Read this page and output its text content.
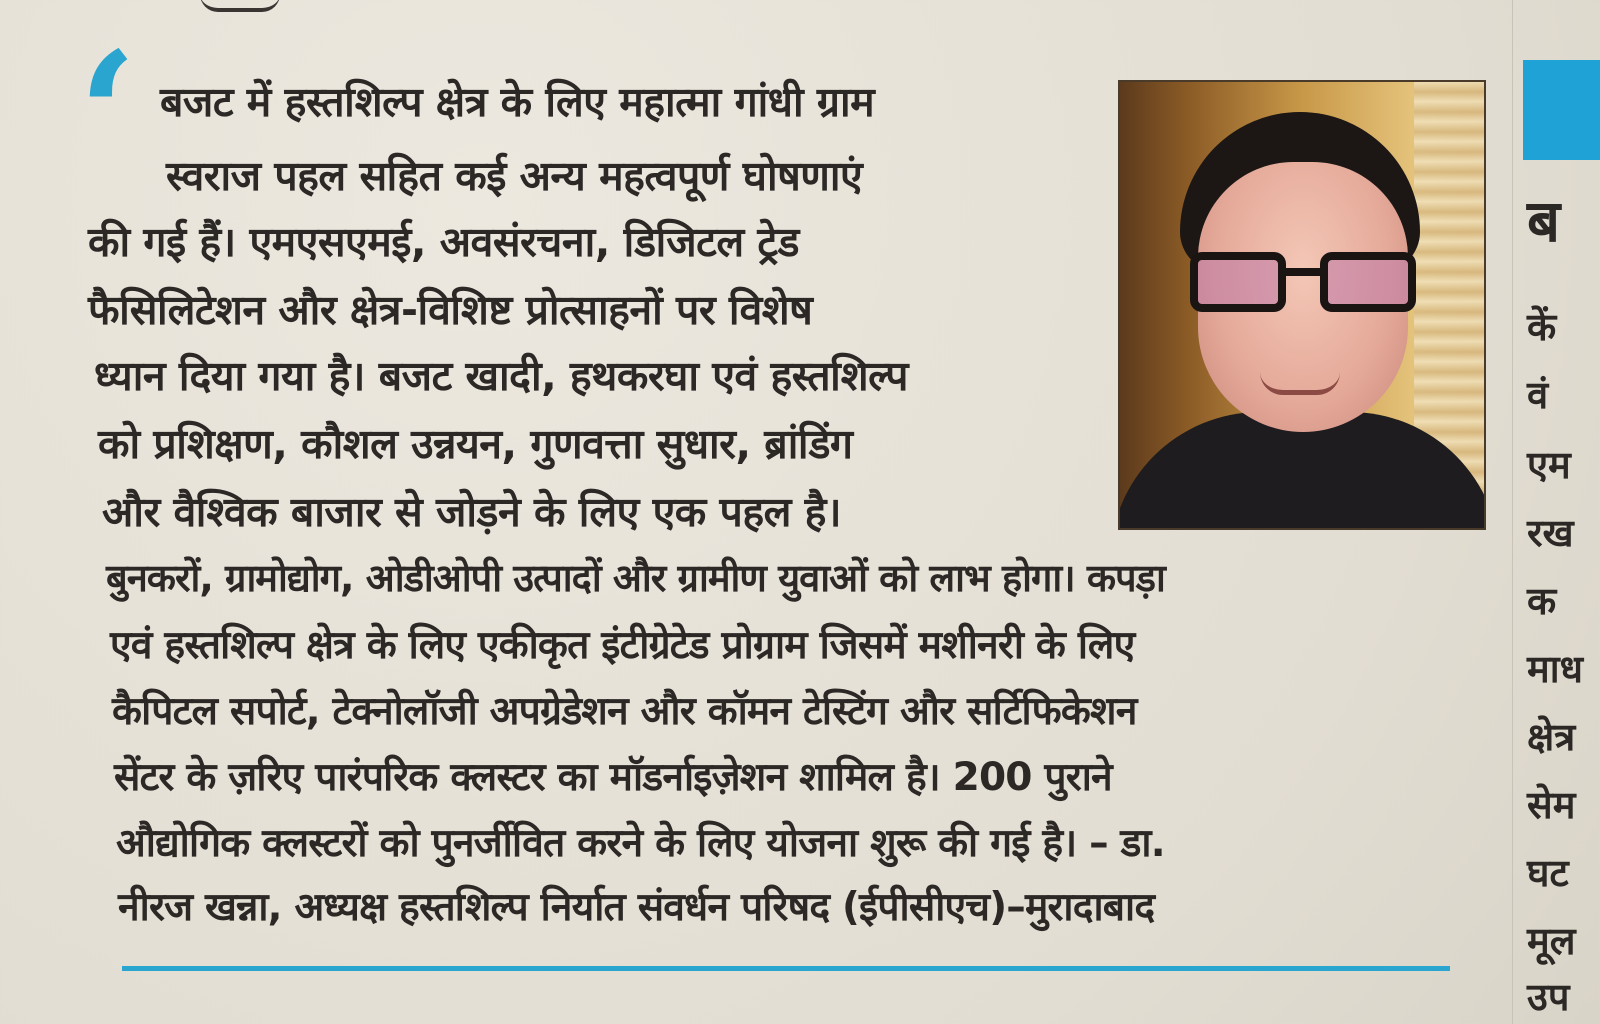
‘ बजट में हस्तशिल्प क्षेत्र के लिए महात्मा गांधी ग्राम
स्वराज पहल सहित कई अन्य महत्वपूर्ण घोषणाएं
की गई हैं। एमएसएमई, अवसंरचना, डिजिटल ट्रेड
फैसिलिटेशन और क्षेत्र-विशिष्ट प्रोत्साहनों पर विशेष
ध्यान दिया गया है। बजट खादी, हथकरघा एवं हस्तशिल्प
को प्रशिक्षण, कौशल उन्नयन, गुणवत्ता सुधार, ब्रांडिंग
और वैश्विक बाजार से जोड़ने के लिए एक पहल है।
बुनकरों, ग्रामोद्योग, ओडीओपी उत्पादों और ग्रामीण युवाओं को लाभ होगा। कपड़ा
एवं हस्तशिल्प क्षेत्र के लिए एकीकृत इंटीग्रेटेड प्रोग्राम जिसमें मशीनरी के लिए
कैपिटल सपोर्ट, टेक्नोलॉजी अपग्रेडेशन और कॉमन टेस्टिंग और सर्टिफिकेशन
सेंटर के ज़रिए पारंपरिक क्लस्टर का मॉडर्नाइज़ेशन शामिल है। 200 पुराने
औद्योगिक क्लस्टरों को पुनर्जीवित करने के लिए योजना शुरू की गई है। – डा.
नीरज खन्ना, अध्यक्ष हस्तशिल्प निर्यात संवर्धन परिषद (ईपीसीएच)–मुरादाबाद
ब
कें
वं
एम
रख
क
माध
क्षेत्र
सेम
घट
मूल
उप
